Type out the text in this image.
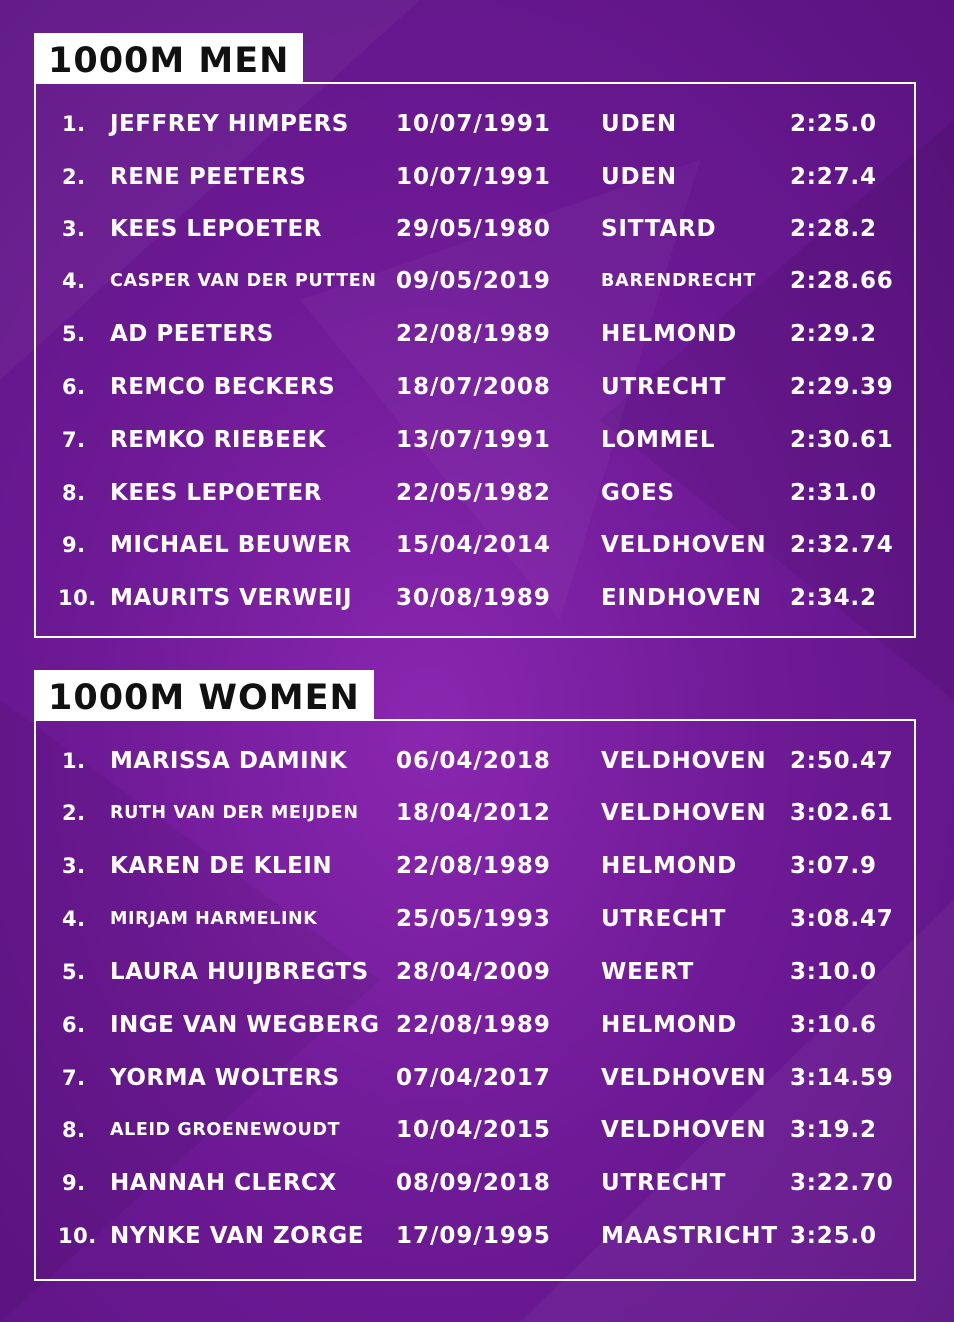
1000M MEN
1. JEFFREY HIMPERS 10/07/1991 UDEN	2:25.0
2. RENE PEETERS	10/07/1991 UDEN	2:27.4
3. KEES LEPOETER	29/05/1980 SITTARD	2:28.2
4. CASPER VAN DER PUTTEN 09/05/2019	BARENDRECHT 2:28.66
5. AD PEETERS	22/08/1989 HELMOND 2:29.2
6. REMCO BECKERS	18/07/2008 UTRECHT	2:29.39
7. REMKO RIEBEEK	13/07/1991 LOMMEL	2:30.61
8. KEES LEPOETER	22/05/1982 GOES	2:31.0
9. MICHAEL BEUWER 15/04/2014 VELDHOVEN 2:32.74
10. MAURITS VERWEIJ 30/08/1989 EINDHOVEN 2:34.2
1000M WOMEN
1. MARISSA DAMINK 06/04/2018 VELDHOVEN 2:50.47
2. RUTH VAN DER MEIJDEN 18/04/2012 VELDHOVEN 3:02.61
3. KAREN DE KLEIN	22/08/1989 HELMOND 3:07.9
4. MIRJAM HARMELINK	25/05/1993 UTRECHT	3:08.47
5. LAURA HUIJBREGTS 28/04/2009 WEERT	3:10.0
6. INGE VAN WEGBERG 22/08/1989 HELMOND 3:10.6
7. YORMA WOLTERS 07/04/2017 VELDHOVEN 3:14.59
8. ALEID GROENEWOUDT 10/04/2015 VELDHOVEN 3:19.2
9. HANNAH CLERCX	08/09/2018 UTRECHT	3:22.70
10. NYNKE VAN ZORGE 17/09/1995 MAASTRICHT 3:25.0
